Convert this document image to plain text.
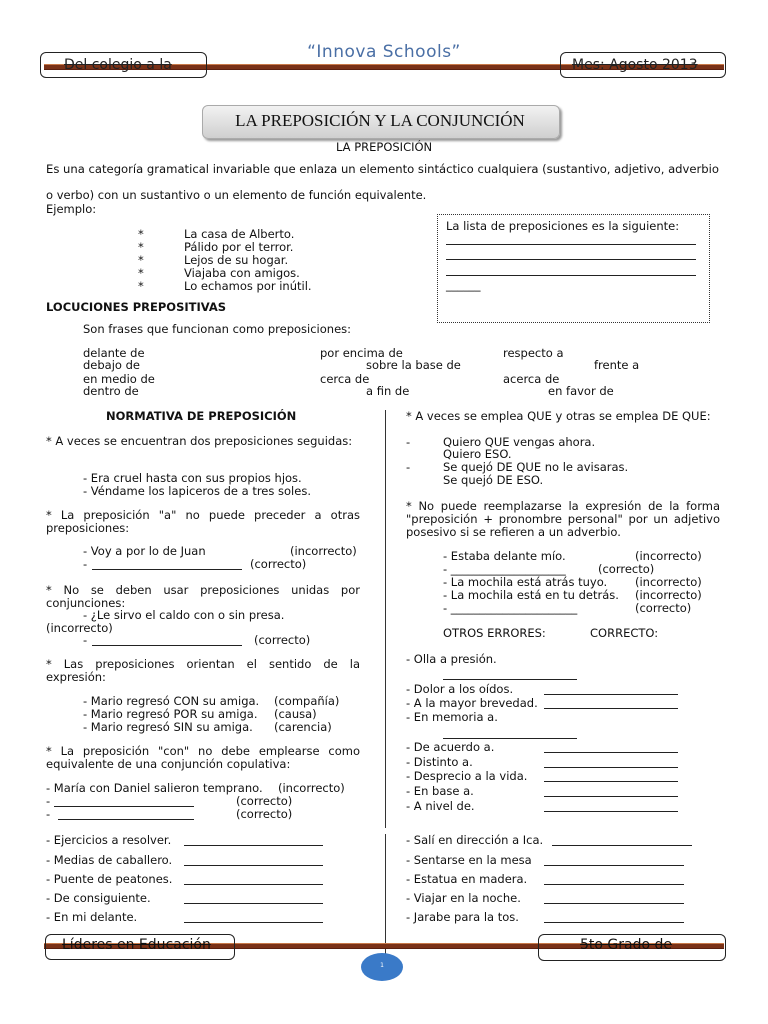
“Innova Schools”
Del colegio a la	Mes: Agosto 2013
LA PREPOSICIÓN Y LA CONJUNCIÓN
LA PREPOSICIÓN
Es una categoría gramatical invariable que enlaza un elemento sintáctico cualquiera (sustantivo, adjetivo, adverbio
o verbo) con un sustantivo o un elemento de función equivalente.
Ejemplo:
*	La casa de Alberto.
*	Pálido por el terror.
*	Lejos de su hogar.
*	Viajaba con amigos.
*	Lo echamos por inútil.
La lista de preposiciones es la siguiente:
______
LOCUCIONES PREPOSITIVAS
Son frases que funcionan como preposiciones:
delante de	por encima de	respecto a
debajo de	sobre la base de	frente a
en medio de	cerca de	acerca de
dentro de	a fin de	en favor de
NORMATIVA DE PREPOSICIÓN
* A veces se encuentran dos preposiciones seguidas:
- Era cruel hasta con sus propios hjos.
- Véndame los lapiceros de a tres soles.
* La preposición "a" no puede preceder a otras preposiciones:
- Voy a por lo de Juan	(incorrecto)
-	(correcto)
* No se deben usar preposiciones unidas por conjunciones:
- ¿Le sirvo el caldo con o sin presa.
(incorrecto)
-	(correcto)
* Las preposiciones orientan el sentido de la expresión:
- Mario regresó CON su amiga. (compañía)
- Mario regresó POR su amiga. (causa)
- Mario regresó SIN su amiga. (carencia)
* La preposición "con" no debe emplearse como equivalente de una conjunción copulativa:
- María con Daniel salieron temprano. (incorrecto)
-	(correcto)
-	(correcto)
* A veces se emplea QUE y otras se emplea DE QUE:
-	Quiero QUE vengas ahora.
Quiero ESO.
-	Se quejó DE QUE no le avisaras.
Se quejó DE ESO.
* No puede reemplazarse la expresión de la forma "preposición + pronombre personal" por un adjetivo posesivo si se refieren a un adverbio.
- Estaba delante mío.	(incorrecto)
- ____________________	(correcto)
- La mochila está atrás tuyo. (incorrecto)
- La mochila está en tu detrás. (incorrecto)
- ______________________	(correcto)
OTROS ERRORES:	CORRECTO:
- Olla a presión.
- Dolor a los oídos.
- A la mayor brevedad.
- En memoria a.
- De acuerdo a.
- Distinto a.
- Desprecio a la vida.
- En base a.
- A nivel de.
- Ejercicios a resolver.
- Medias de caballero.
- Puente de peatones.
- De consiguiente.
- En mi delante.
- Salí en dirección a Ica.
- Sentarse en la mesa
- Estatua en madera.
- Viajar en la noche.
- Jarabe para la tos.
Líderes en Educación	5to Grado de
1
